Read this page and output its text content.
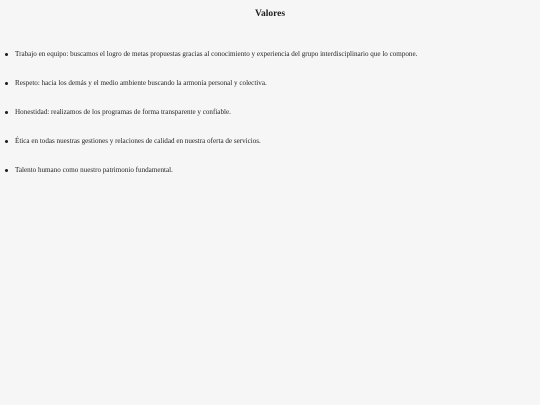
Valores
Trabajo en equipo: buscamos el logro de metas propuestas gracias al conocimiento y experiencia del grupo interdisciplinario que lo compone.
Respeto: hacia los demás y el medio ambiente buscando la armonía personal y colectiva.
Honestidad: realizamos de los programas de forma transparente y confiable.
Ética en todas nuestras gestiones y relaciones de calidad en nuestra oferta de servicios.
Talento humano como nuestro patrimonio fundamental.
